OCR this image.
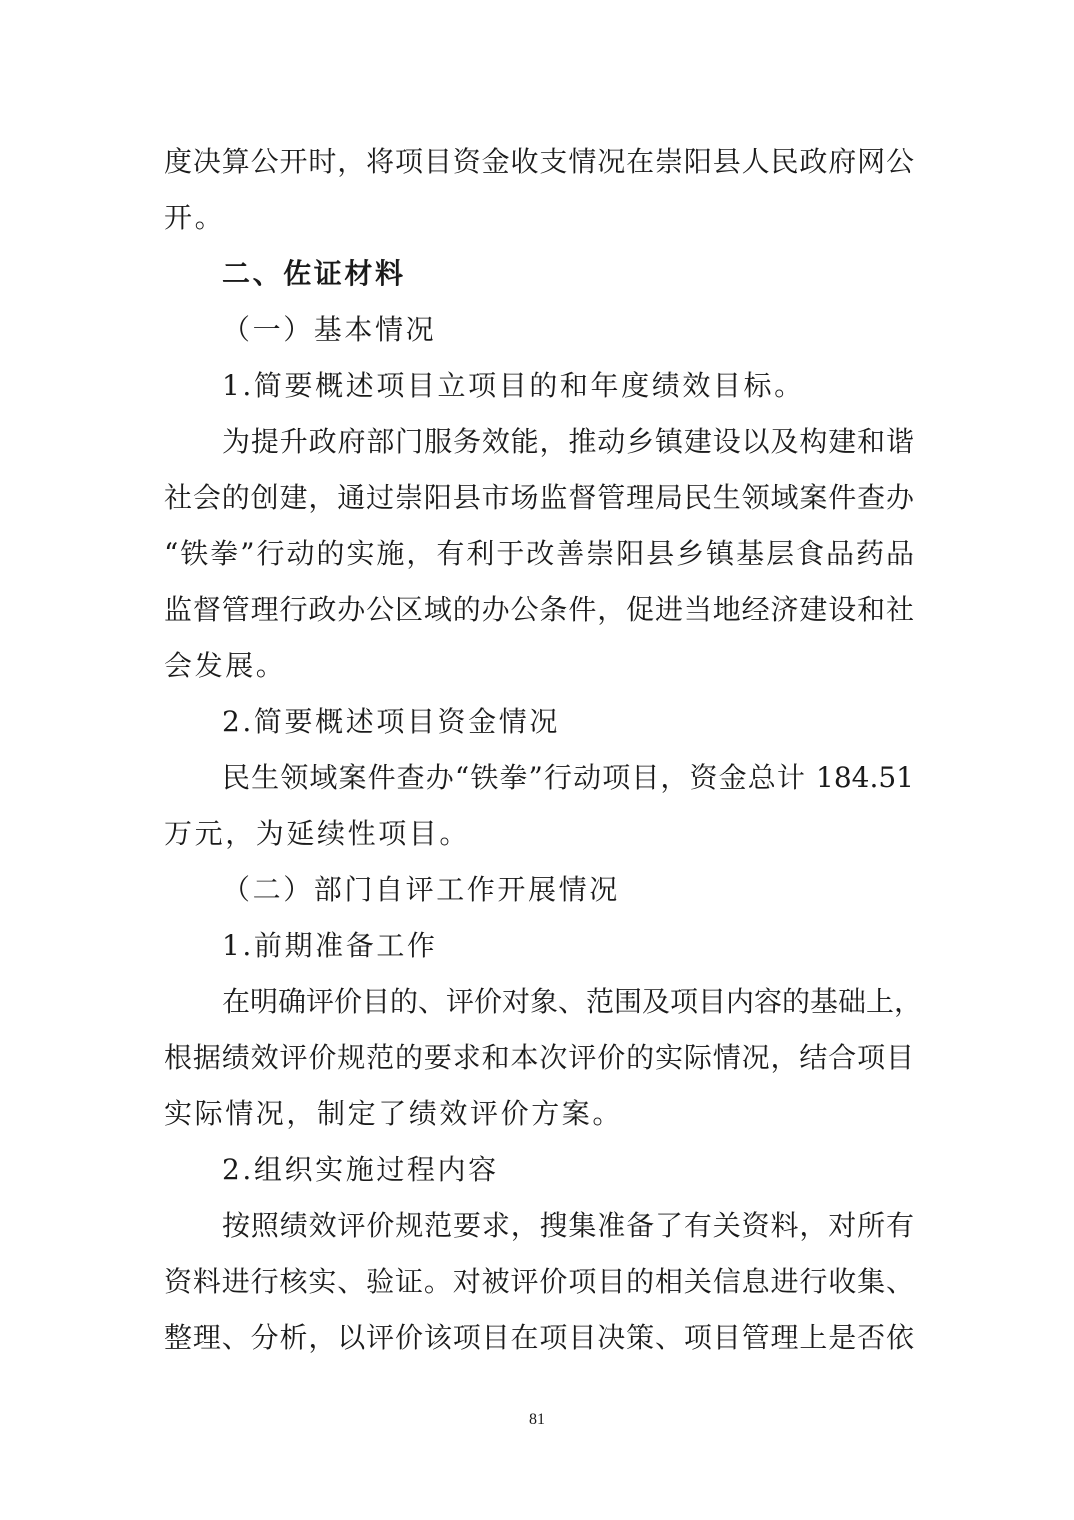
度决算公开时，将项目资金收支情况在崇阳县人民政府网公
开。
二、佐证材料
（一）基本情况
1.简要概述项目立项目的和年度绩效目标。
为提升政府部门服务效能，推动乡镇建设以及构建和谐
社会的创建，通过崇阳县市场监督管理局民生领域案件查办
“铁拳”行动的实施，有利于改善崇阳县乡镇基层食品药品
监督管理行政办公区域的办公条件，促进当地经济建设和社
会发展。
2.简要概述项目资金情况
民生领域案件查办“铁拳”行动项目，资金总计 184.51
万元，为延续性项目。
（二）部门自评工作开展情况
1.前期准备工作
在明确评价目的、评价对象、范围及项目内容的基础上，
根据绩效评价规范的要求和本次评价的实际情况，结合项目
实际情况，制定了绩效评价方案。
2.组织实施过程内容
按照绩效评价规范要求，搜集准备了有关资料，对所有
资料进行核实、验证。对被评价项目的相关信息进行收集、
整理、分析，以评价该项目在项目决策、项目管理上是否依
81
